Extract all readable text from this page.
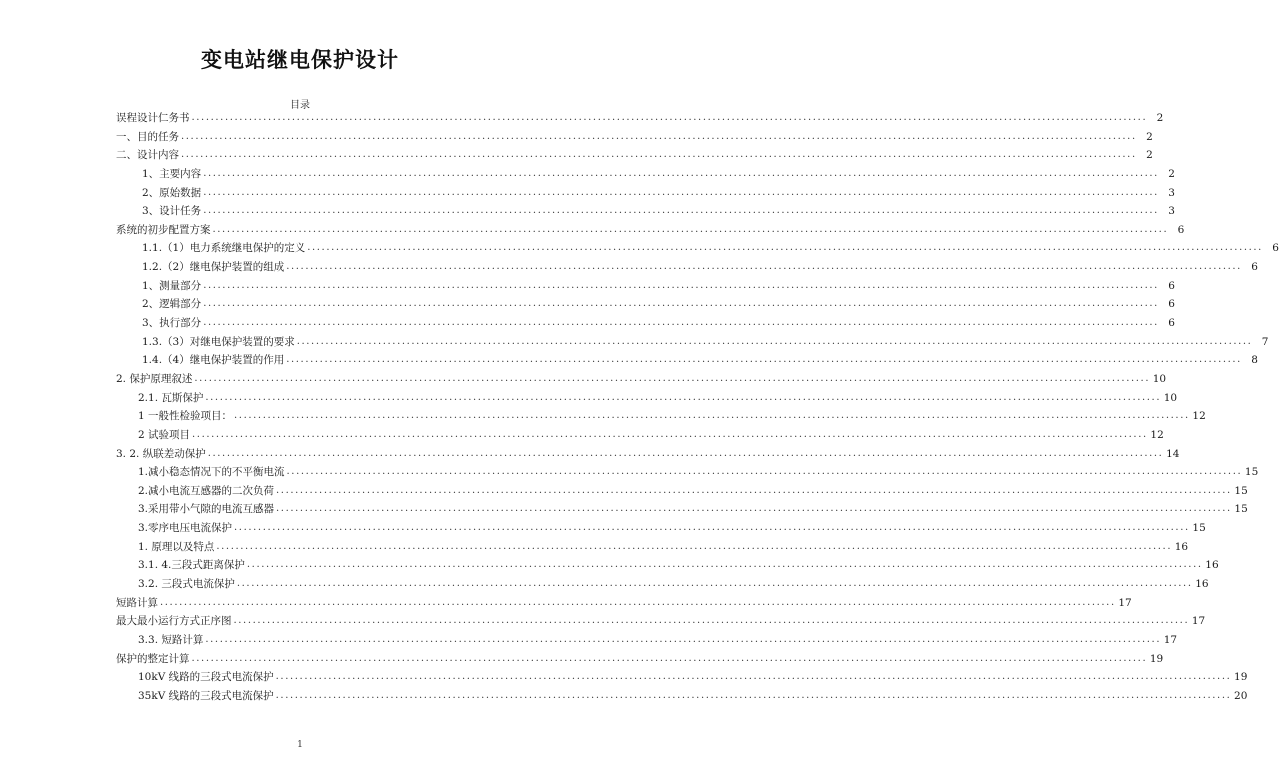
变电站继电保护设计
目录
误程设计仁务书 ........................................................................................................................................................................................................ 2
一、目的任务 ........................................................................................................................................................................................................ 2
二、设计内容 ........................................................................................................................................................................................................ 2
1、主要内容 ........................................................................................................................................................................................................ 2
2、原始数据 ........................................................................................................................................................................................................ 3
3、设计任务 ........................................................................................................................................................................................................ 3
系统的初步配置方案 ........................................................................................................................................................................................................ 6
1.1.（1）电力系统继电保护的定义 ........................................................................................................................................................................................................ 6
1.2.（2）继电保护装置的组成 ........................................................................................................................................................................................................ 6
1、测量部分 ........................................................................................................................................................................................................ 6
2、逻辑部分 ........................................................................................................................................................................................................ 6
3、执行部分 ........................................................................................................................................................................................................ 6
1.3.（3）对继电保护装置的要求 ........................................................................................................................................................................................................ 7
1.4.（4）继电保护装置的作用 ........................................................................................................................................................................................................ 8
2. 保护原理叙述 ........................................................................................................................................................................................................ 10
2.1. 瓦斯保护 ........................................................................................................................................................................................................ 10
1 一般性检验项目： ........................................................................................................................................................................................................ 12
2 试验项目 ........................................................................................................................................................................................................ 12
3. 2. 纵联差动保护 ........................................................................................................................................................................................................ 14
1.减小稳态情况下的不平衡电流 ........................................................................................................................................................................................................ 15
2.减小电流互感器的二次负荷 ........................................................................................................................................................................................................ 15
3.采用带小气隙的电流互感器 ........................................................................................................................................................................................................ 15
3.零序电压电流保护 ........................................................................................................................................................................................................ 15
1. 原理以及特点 ........................................................................................................................................................................................................ 16
3.1. 4.三段式距离保护 ........................................................................................................................................................................................................ 16
3.2. 三段式电流保护 ........................................................................................................................................................................................................ 16
短路计算 ........................................................................................................................................................................................................ 17
最大最小运行方式正序图 ........................................................................................................................................................................................................ 17
3.3. 短路计算 ........................................................................................................................................................................................................ 17
保护的整定计算 ........................................................................................................................................................................................................ 19
10kV 线路的三段式电流保护 ........................................................................................................................................................................................................ 19
35kV 线路的三段式电流保护 ........................................................................................................................................................................................................ 20
1
